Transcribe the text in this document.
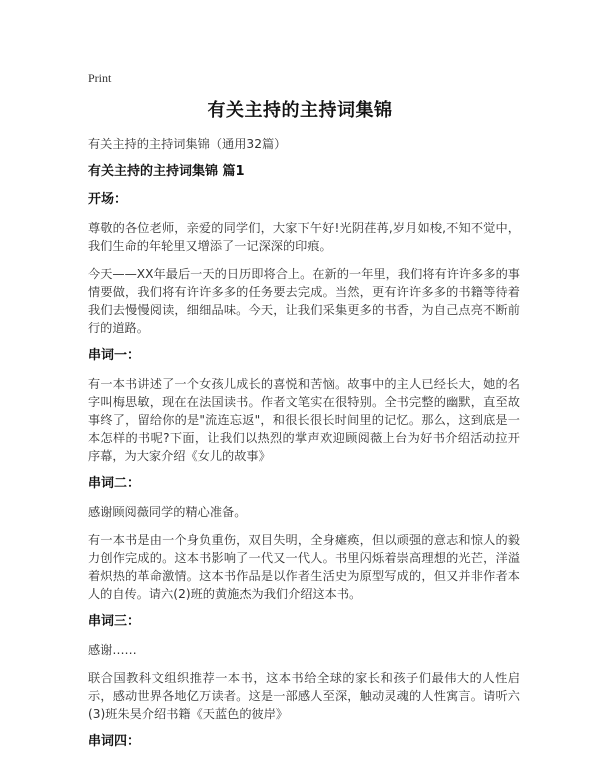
Print
有关主持的主持词集锦

有关主持的主持词集锦（通用32篇）

有关主持的主持词集锦 篇1

开场：

尊敬的各位老师，亲爱的同学们，大家下午好!光阴荏苒,岁月如梭,不知不觉中，我们生命的年轮里又增添了一记深深的印痕。

今天——XX年最后一天的日历即将合上。在新的一年里，我们将有许许多多的事情要做，我们将有许许多多的任务要去完成。当然，更有许许多多的书籍等待着我们去慢慢阅读，细细品味。今天，让我们采集更多的书香，为自己点亮不断前行的道路。

串词一：

有一本书讲述了一个女孩儿成长的喜悦和苦恼。故事中的主人已经长大，她的名字叫梅思敏，现在在法国读书。作者文笔实在很特别。全书完整的幽默，直至故事终了，留给你的是"流连忘返"，和很长很长时间里的记忆。那么，这到底是一本怎样的书呢?下面，让我们以热烈的掌声欢迎顾阅薇上台为好书介绍活动拉开序幕，为大家介绍《女儿的故事》

串词二：

感谢顾阅薇同学的精心准备。

有一本书是由一个身负重伤，双目失明，全身瘫痪，但以顽强的意志和惊人的毅力创作完成的。这本书影响了一代又一代人。书里闪烁着崇高理想的光芒，洋溢着炽热的革命激情。这本书作品是以作者生活史为原型写成的，但又并非作者本人的自传。请六(2)班的黄施杰为我们介绍这本书。

串词三：

感谢……

联合国教科文组织推荐一本书，这本书给全球的家长和孩子们最伟大的人性启示，感动世界各地亿万读者。这是一部感人至深，触动灵魂的人性寓言。请听六(3)班朱昊介绍书籍《天蓝色的彼岸》

串词四：
